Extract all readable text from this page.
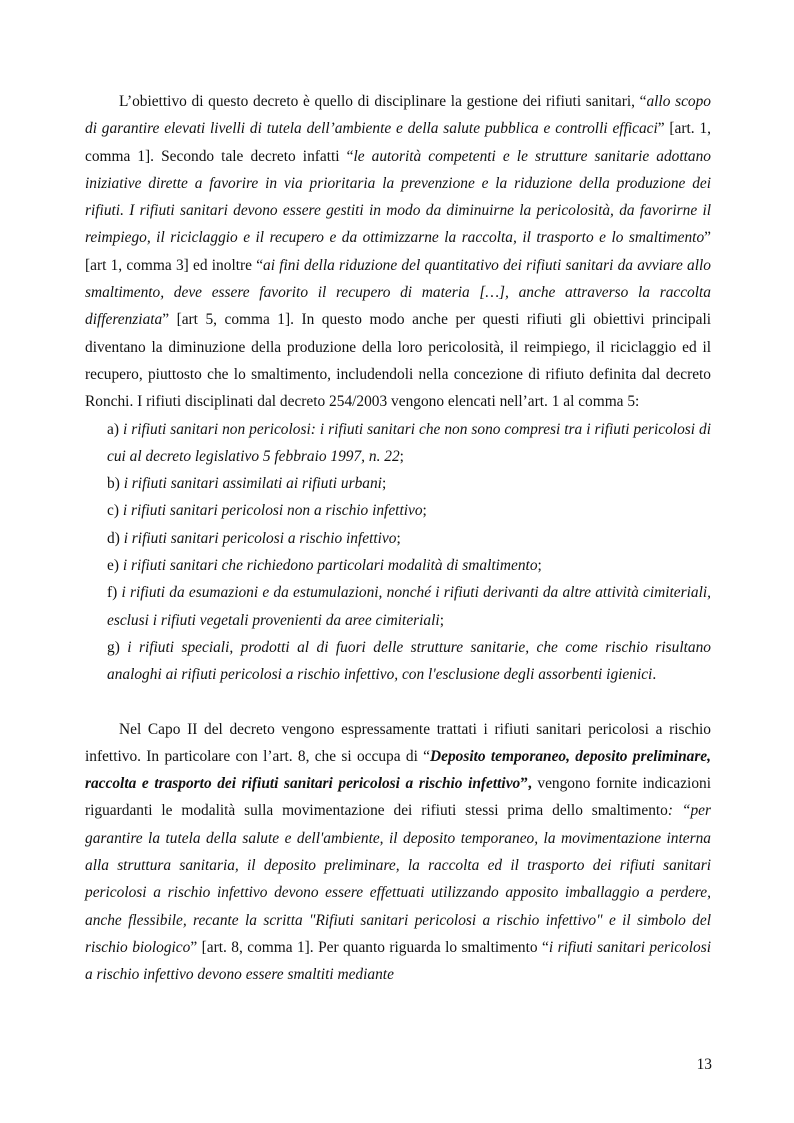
L’obiettivo di questo decreto è quello di disciplinare la gestione dei rifiuti sanitari, “allo scopo di garantire elevati livelli di tutela dell’ambiente e della salute pubblica e controlli efficaci” [art. 1, comma 1]. Secondo tale decreto infatti “le autorità competenti e le strutture sanitarie adottano iniziative dirette a favorire in via prioritaria la prevenzione e la riduzione della produzione dei rifiuti. I rifiuti sanitari devono essere gestiti in modo da diminuirne la pericolosità, da favorirne il reimpiego, il riciclaggio e il recupero e da ottimizzarne la raccolta, il trasporto e lo smaltimento” [art 1, comma 3] ed inoltre “ai fini della riduzione del quantitativo dei rifiuti sanitari da avviare allo smaltimento, deve essere favorito il recupero di materia […], anche attraverso la raccolta differenziata” [art 5, comma 1]. In questo modo anche per questi rifiuti gli obiettivi principali diventano la diminuzione della produzione della loro pericolosità, il reimpiego, il riciclaggio ed il recupero, piuttosto che lo smaltimento, includendoli nella concezione di rifiuto definita dal decreto Ronchi. I rifiuti disciplinati dal decreto 254/2003 vengono elencati nell’art. 1 al comma 5:

a) i rifiuti sanitari non pericolosi: i rifiuti sanitari che non sono compresi tra i rifiuti pericolosi di cui al decreto legislativo 5 febbraio 1997, n. 22;
b) i rifiuti sanitari assimilati ai rifiuti urbani;
c) i rifiuti sanitari pericolosi non a rischio infettivo;
d) i rifiuti sanitari pericolosi a rischio infettivo;
e) i rifiuti sanitari che richiedono particolari modalità di smaltimento;
f) i rifiuti da esumazioni e da estumulazioni, nonché i rifiuti derivanti da altre attività cimiteriali, esclusi i rifiuti vegetali provenienti da aree cimiteriali;
g) i rifiuti speciali, prodotti al di fuori delle strutture sanitarie, che come rischio risultano analoghi ai rifiuti pericolosi a rischio infettivo, con l'esclusione degli assorbenti igienici.

Nel Capo II del decreto vengono espressamente trattati i rifiuti sanitari pericolosi a rischio infettivo. In particolare con l’art. 8, che si occupa di “Deposito temporaneo, deposito preliminare, raccolta e trasporto dei rifiuti sanitari pericolosi a rischio infettivo”, vengono fornite indicazioni riguardanti le modalità sulla movimentazione dei rifiuti stessi prima dello smaltimento: “per garantire la tutela della salute e dell'ambiente, il deposito temporaneo, la movimentazione interna alla struttura sanitaria, il deposito preliminare, la raccolta ed il trasporto dei rifiuti sanitari pericolosi a rischio infettivo devono essere effettuati utilizzando apposito imballaggio a perdere, anche flessibile, recante la scritta "Rifiuti sanitari pericolosi a rischio infettivo" e il simbolo del rischio biologico” [art. 8, comma 1]. Per quanto riguarda lo smaltimento “i rifiuti sanitari pericolosi a rischio infettivo devono essere smaltiti mediante

13
